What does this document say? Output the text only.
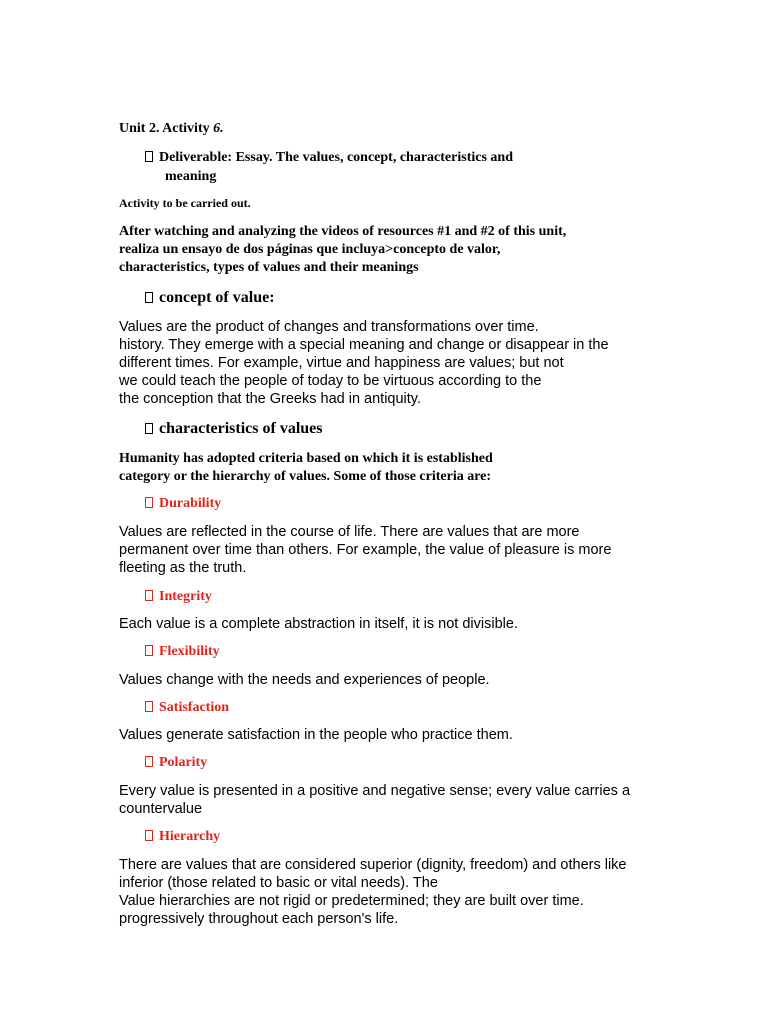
Unit 2. Activity 6.
Deliverable: Essay. The values, concept, characteristics and
meaning
Activity to be carried out.
After watching and analyzing the videos of resources #1 and #2 of this unit,
realiza un ensayo de dos páginas que incluya>concepto de valor,
characteristics, types of values and their meanings
concept of value:
Values are the product of changes and transformations over time.
history. They emerge with a special meaning and change or disappear in the
different times. For example, virtue and happiness are values; but not
we could teach the people of today to be virtuous according to the
the conception that the Greeks had in antiquity.
characteristics of values
Humanity has adopted criteria based on which it is established
category or the hierarchy of values. Some of those criteria are:
Durability
Values are reflected in the course of life. There are values that are more
permanent over time than others. For example, the value of pleasure is more
fleeting as the truth.
Integrity
Each value is a complete abstraction in itself, it is not divisible.
Flexibility
Values change with the needs and experiences of people.
Satisfaction
Values generate satisfaction in the people who practice them.
Polarity
Every value is presented in a positive and negative sense; every value carries a
countervalue
Hierarchy
There are values that are considered superior (dignity, freedom) and others like
inferior (those related to basic or vital needs). The
Value hierarchies are not rigid or predetermined; they are built over time.
progressively throughout each person's life.
